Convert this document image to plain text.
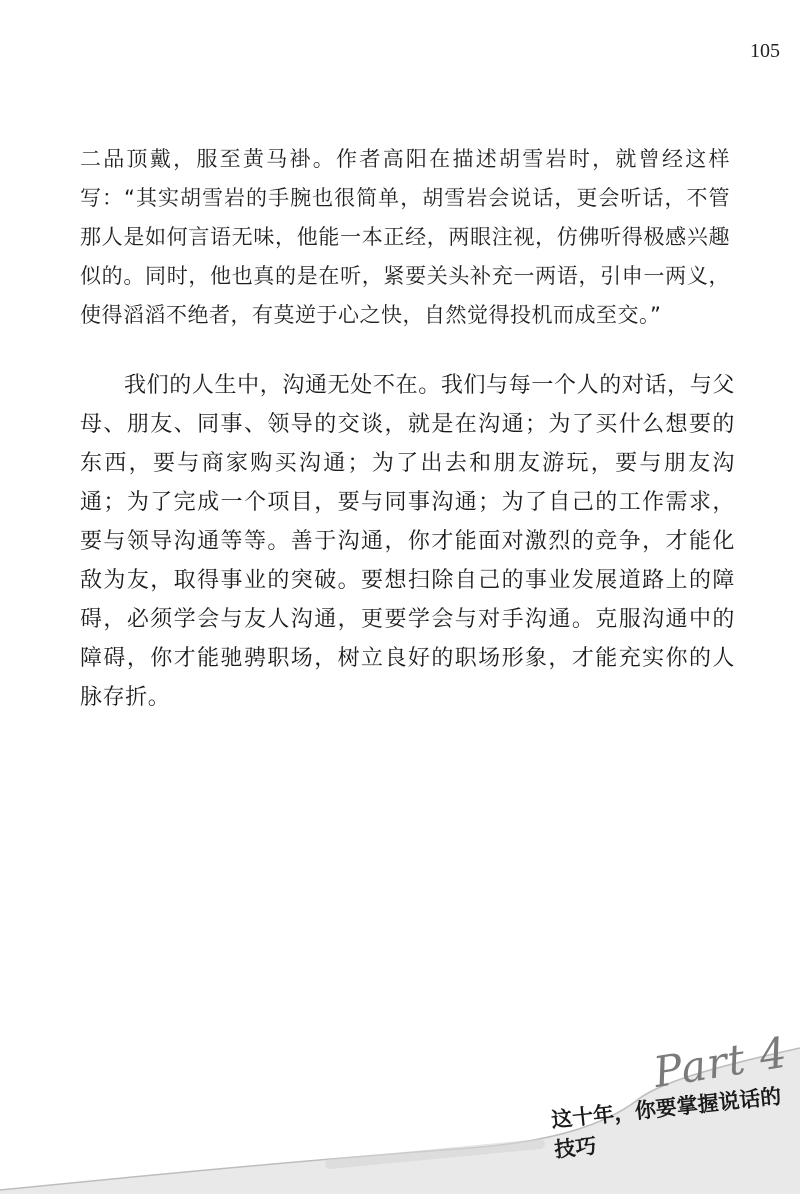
105

二品顶戴，服至黄马褂。作者高阳在描述胡雪岩时，就曾经这样写：“其实胡雪岩的手腕也很简单，胡雪岩会说话，更会听话，不管那人是如何言语无味，他能一本正经，两眼注视，仿佛听得极感兴趣似的。同时，他也真的是在听，紧要关头补充一两语，引申一两义，使得滔滔不绝者，有莫逆于心之快，自然觉得投机而成至交。”

我们的人生中，沟通无处不在。我们与每一个人的对话，与父母、朋友、同事、领导的交谈，就是在沟通；为了买什么想要的东西，要与商家购买沟通；为了出去和朋友游玩，要与朋友沟通；为了完成一个项目，要与同事沟通；为了自己的工作需求，要与领导沟通等等。善于沟通，你才能面对激烈的竞争，才能化敌为友，取得事业的突破。要想扫除自己的事业发展道路上的障碍，必须学会与友人沟通，更要学会与对手沟通。克服沟通中的障碍，你才能驰骋职场，树立良好的职场形象，才能充实你的人脉存折。

Part 4
这十年，你要掌握说话的技巧
